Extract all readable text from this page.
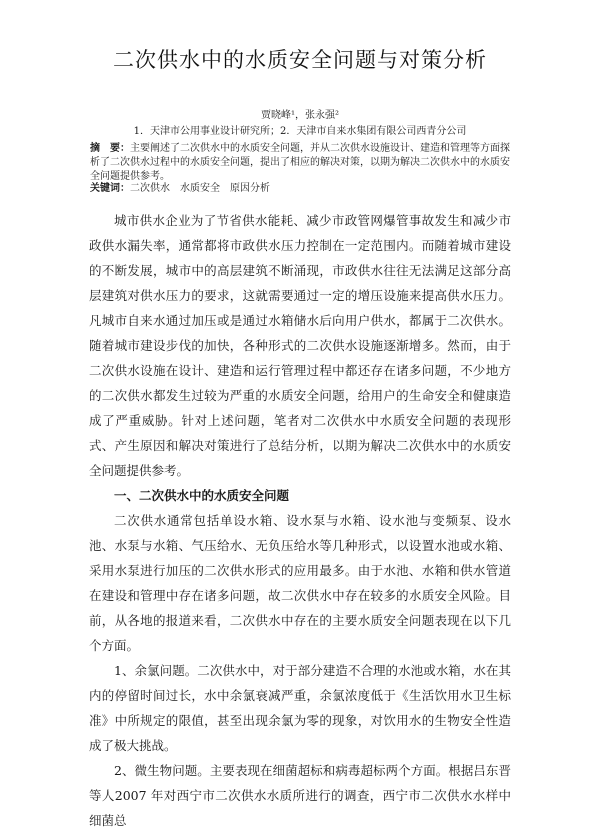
二次供水中的水质安全问题与对策分析
贾晓峰¹，张永强²
1．天津市公用事业设计研究所；2．天津市自来水集团有限公司西青分公司
摘　要：主要阐述了二次供水中的水质安全问题，并从二次供水设施设计、建造和管理等方面探析了二次供水过程中的水质安全问题，提出了相应的解决对策，以期为解决二次供水中的水质安全问题提供参考。
关键词：二次供水　水质安全　原因分析

城市供水企业为了节省供水能耗、减少市政管网爆管事故发生和减少市政供水漏失率，通常都将市政供水压力控制在一定范围内。而随着城市建设的不断发展，城市中的高层建筑不断涌现，市政供水往往无法满足这部分高层建筑对供水压力的要求，这就需要通过一定的增压设施来提高供水压力。凡城市自来水通过加压或是通过水箱储水后向用户供水，都属于二次供水。随着城市建设步伐的加快，各种形式的二次供水设施逐渐增多。然而，由于二次供水设施在设计、建造和运行管理过程中都还存在诸多问题，不少地方的二次供水都发生过较为严重的水质安全问题，给用户的生命安全和健康造成了严重威胁。针对上述问题，笔者对二次供水中水质安全问题的表现形式、产生原因和解决对策进行了总结分析，以期为解决二次供水中的水质安全问题提供参考。

一、二次供水中的水质安全问题

二次供水通常包括单设水箱、设水泵与水箱、设水池与变频泵、设水池、水泵与水箱、气压给水、无负压给水等几种形式，以设置水池或水箱、采用水泵进行加压的二次供水形式的应用最多。由于水池、水箱和供水管道在建设和管理中存在诸多问题，故二次供水中存在较多的水质安全风险。目前，从各地的报道来看，二次供水中存在的主要水质安全问题表现在以下几个方面。

1、余氯问题。二次供水中，对于部分建造不合理的水池或水箱，水在其内的停留时间过长，水中余氯衰减严重，余氯浓度低于《生活饮用水卫生标准》中所规定的限值，甚至出现余氯为零的现象，对饮用水的生物安全性造成了极大挑战。

2、微生物问题。主要表现在细菌超标和病毒超标两个方面。根据吕东晋等人2007 年对西宁市二次供水水质所进行的调查，西宁市二次供水水样中细菌总
